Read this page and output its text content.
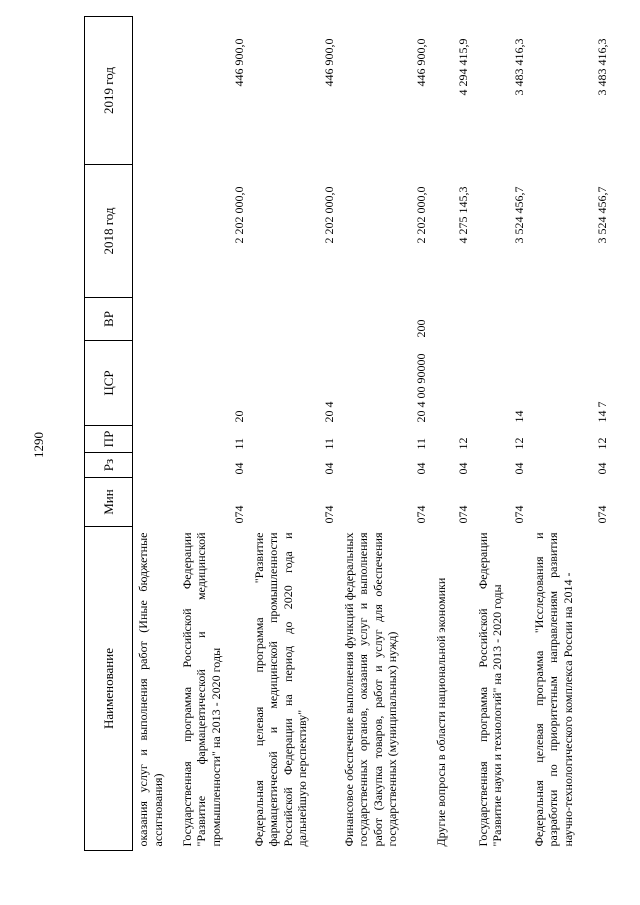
1290
Наименование	Мин	Рз	ПР	ЦСР	ВР	2018 год	2019 год
оказания услуг и выполнения работ (Иные бюджетные ассигнования)							
Государственная программа Российской Федерации "Развитие фармацевтической и медицинской промышленности" на 2013 - 2020 годы	074	04	11	20		2 202 000,0	446 900,0
Федеральная целевая программа "Развитие фармацевтической и медицинской промышленности Российской Федерации на период до 2020 года и дальнейшую перспективу"	074	04	11	20 4		2 202 000,0	446 900,0
Финансовое обеспечение выполнения функций федеральных государственных органов, оказания услуг и выполнения работ (Закупка товаров, работ и услуг для обеспечения государственных (муниципальных) нужд)	074	04	11	20 4 00 90000	200	2 202 000,0	446 900,0
Другие вопросы в области национальной экономики	074	04	12			4 275 145,3	4 294 415,9
Государственная программа Российской Федерации "Развитие науки и технологий" на 2013 - 2020 годы	074	04	12	14		3 524 456,7	3 483 416,3
Федеральная целевая программа "Исследования и разработки по приоритетным направлениям развития научно-технологического комплекса России на 2014 -	074	04	12	14 7		3 524 456,7	3 483 416,3
